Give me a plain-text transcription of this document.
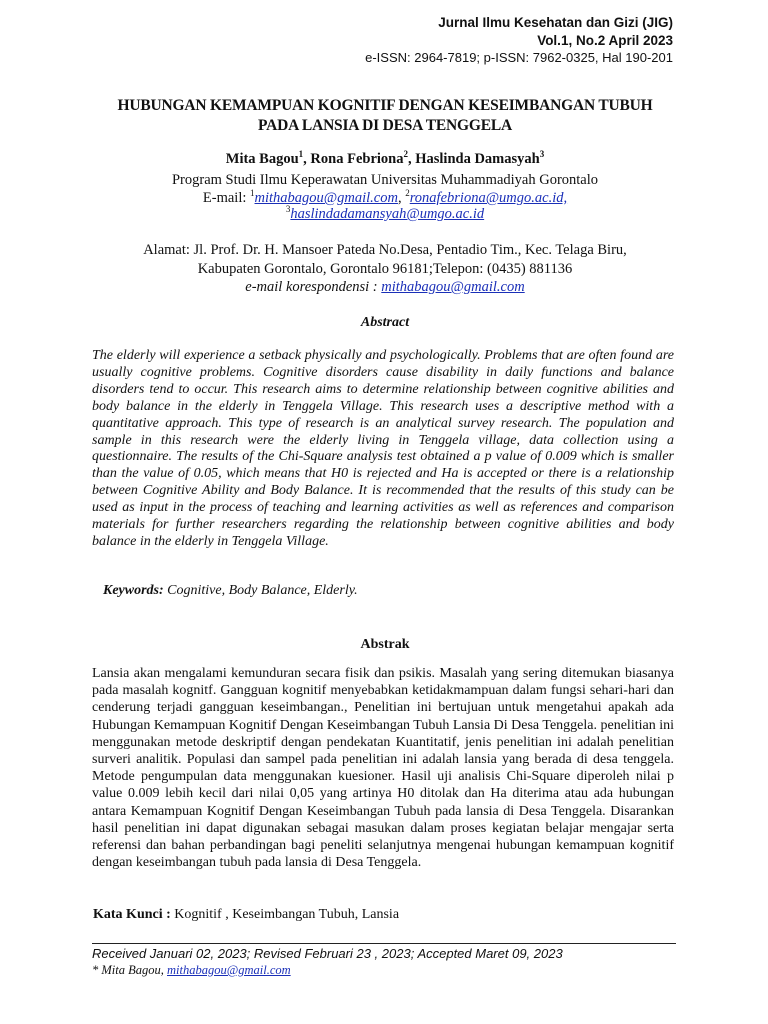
Jurnal Ilmu Kesehatan dan Gizi (JIG)
Vol.1, No.2 April 2023
e-ISSN: 2964-7819; p-ISSN: 7962-0325, Hal 190-201
HUBUNGAN KEMAMPUAN KOGNITIF DENGAN KESEIMBANGAN TUBUH
PADA LANSIA DI DESA TENGGELA
Mita Bagou$^1$, Rona Febriona$^2$, Haslinda Damasyah$^3$
Program Studi Ilmu Keperawatan Universitas Muhammadiyah Gorontalo
E-mail: $^1$mithabagou@gmail.com, $^2$ronafebriona@umgo.ac.id,
$^3$haslindadamansyah@umgo.ac.id
Alamat: Jl. Prof. Dr. H. Mansoer Pateda No.Desa, Pentadio Tim., Kec. Telaga Biru,
Kabupaten Gorontalo, Gorontalo 96181;Telepon: (0435) 881136
e-mail korespondensi : mithabagou@gmail.com
Abstract
The elderly will experience a setback physically and psychologically. Problems that are often found are usually cognitive problems. Cognitive disorders cause disability in daily functions and balance disorders tend to occur. This research aims to determine relationship between cognitive abilities and body balance in the elderly in Tenggela Village. This research uses a descriptive method with a quantitative approach. This type of research is an analytical survey research. The population and sample in this research were the elderly living in Tenggela village, data collection using a questionnaire. The results of the Chi-Square analysis test obtained a p value of 0.009 which is smaller than the value of 0.05, which means that H0 is rejected and Ha is accepted or there is a relationship between Cognitive Ability and Body Balance. It is recommended that the results of this study can be used as input in the process of teaching and learning activities as well as references and comparison materials for further researchers regarding the relationship between cognitive abilities and body balance in the elderly in Tenggela Village.
Keywords: Cognitive, Body Balance, Elderly.
Abstrak
Lansia akan mengalami kemunduran secara fisik dan psikis. Masalah yang sering ditemukan biasanya pada masalah kognitf. Gangguan kognitif menyebabkan ketidakmampuan dalam fungsi sehari-hari dan cenderung terjadi gangguan keseimbangan., Penelitian ini bertujuan untuk mengetahui apakah ada Hubungan Kemampuan Kognitif Dengan Keseimbangan Tubuh Lansia Di Desa Tenggela. penelitian ini menggunakan metode deskriptif dengan pendekatan Kuantitatif, jenis penelitian ini adalah penelitian surveri analitik. Populasi dan sampel pada penelitian ini adalah lansia yang berada di desa tenggela. Metode pengumpulan data menggunakan kuesioner. Hasil uji analisis Chi-Square diperoleh nilai p value 0.009 lebih kecil dari nilai 0,05 yang artinya H0 ditolak dan Ha diterima atau ada hubungan antara Kemampuan Kognitif Dengan Keseimbangan Tubuh pada lansia di Desa Tenggela. Disarankan hasil penelitian ini dapat digunakan sebagai masukan dalam proses kegiatan belajar mengajar serta referensi dan bahan perbandingan bagi peneliti selanjutnya mengenai hubungan kemampuan kognitif dengan keseimbangan tubuh pada lansia di Desa Tenggela.
Kata Kunci : Kognitif , Keseimbangan Tubuh, Lansia
Received Januari 02, 2023; Revised Februari 23 , 2023; Accepted Maret 09, 2023
* Mita Bagou, mithabagou@gmail.com
